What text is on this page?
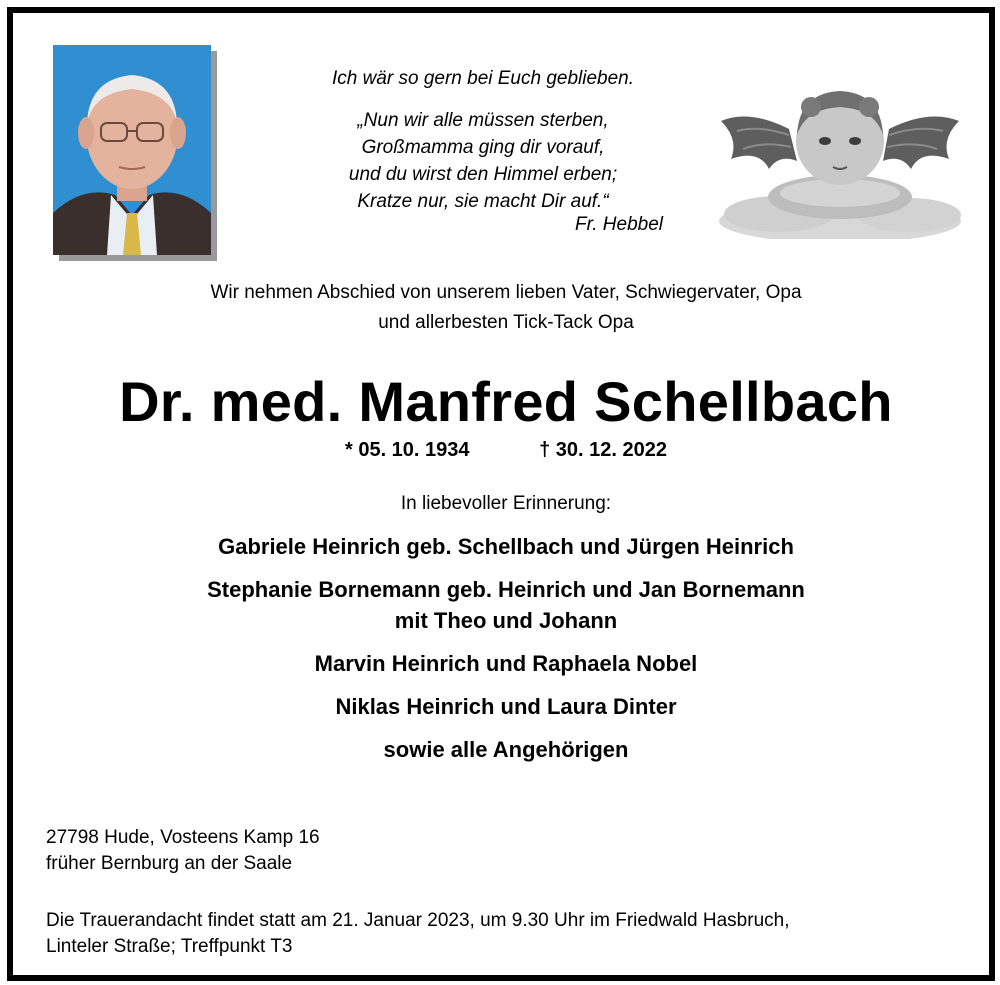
Ich wär so gern bei Euch geblieben.
„Nun wir alle müssen sterben,
Großmamma ging dir vorauf,
und du wirst den Himmel erben;
Kratze nur, sie macht Dir auf.“
Fr. Hebbel
Wir nehmen Abschied von unserem lieben Vater, Schwiegervater, Opa
und allerbesten Tick-Tack Opa
Dr. med. Manfred Schellbach
* 05. 10. 1934	† 30. 12. 2022
In liebevoller Erinnerung:
Gabriele Heinrich geb. Schellbach und Jürgen Heinrich
Stephanie Bornemann geb. Heinrich und Jan Bornemann
mit Theo und Johann
Marvin Heinrich und Raphaela Nobel
Niklas Heinrich und Laura Dinter
sowie alle Angehörigen
27798 Hude, Vosteens Kamp 16
früher Bernburg an der Saale
Die Trauerandacht findet statt am 21. Januar 2023, um 9.30 Uhr im Friedwald Hasbruch,
Linteler Straße; Treffpunkt T3
